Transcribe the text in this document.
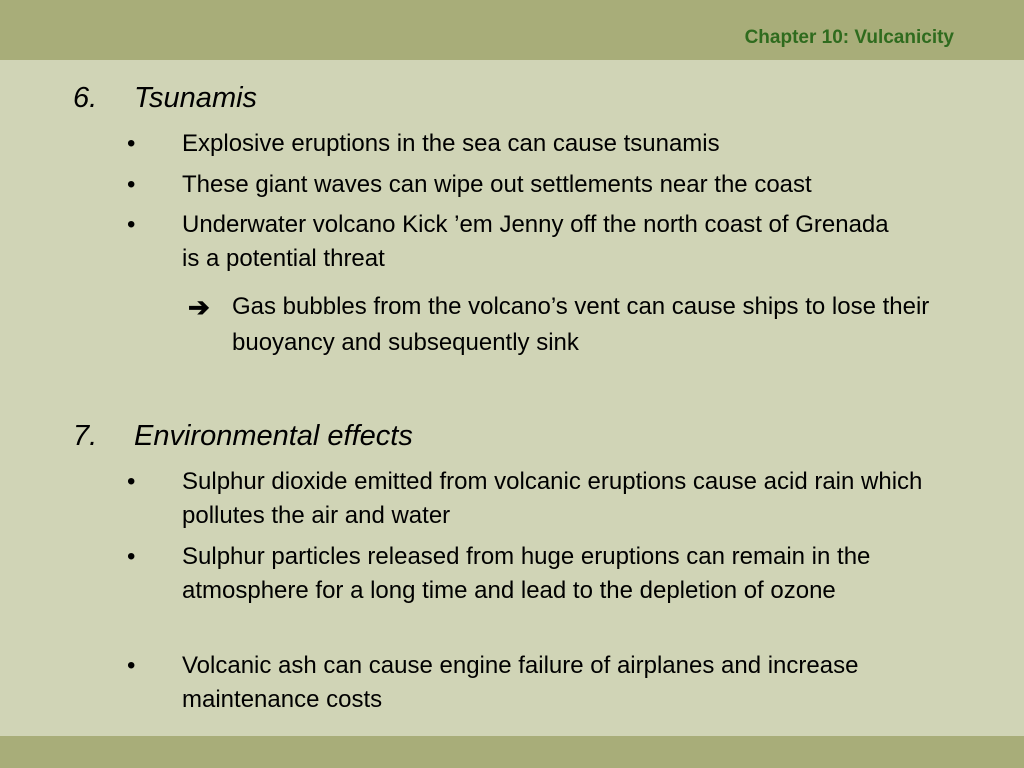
Chapter 10: Vulcanicity
6. Tsunamis
• Explosive eruptions in the sea can cause tsunamis
• These giant waves can wipe out settlements near the coast
• Underwater volcano Kick ’em Jenny off the north coast of Grenada is a potential threat
➔ Gas bubbles from the volcano’s vent can cause ships to lose their buoyancy and subsequently sink
7. Environmental effects
• Sulphur dioxide emitted from volcanic eruptions cause acid rain which pollutes the air and water
• Sulphur particles released from huge eruptions can remain in the atmosphere for a long time and lead to the depletion of ozone
• Volcanic ash can cause engine failure of airplanes and increase maintenance costs
